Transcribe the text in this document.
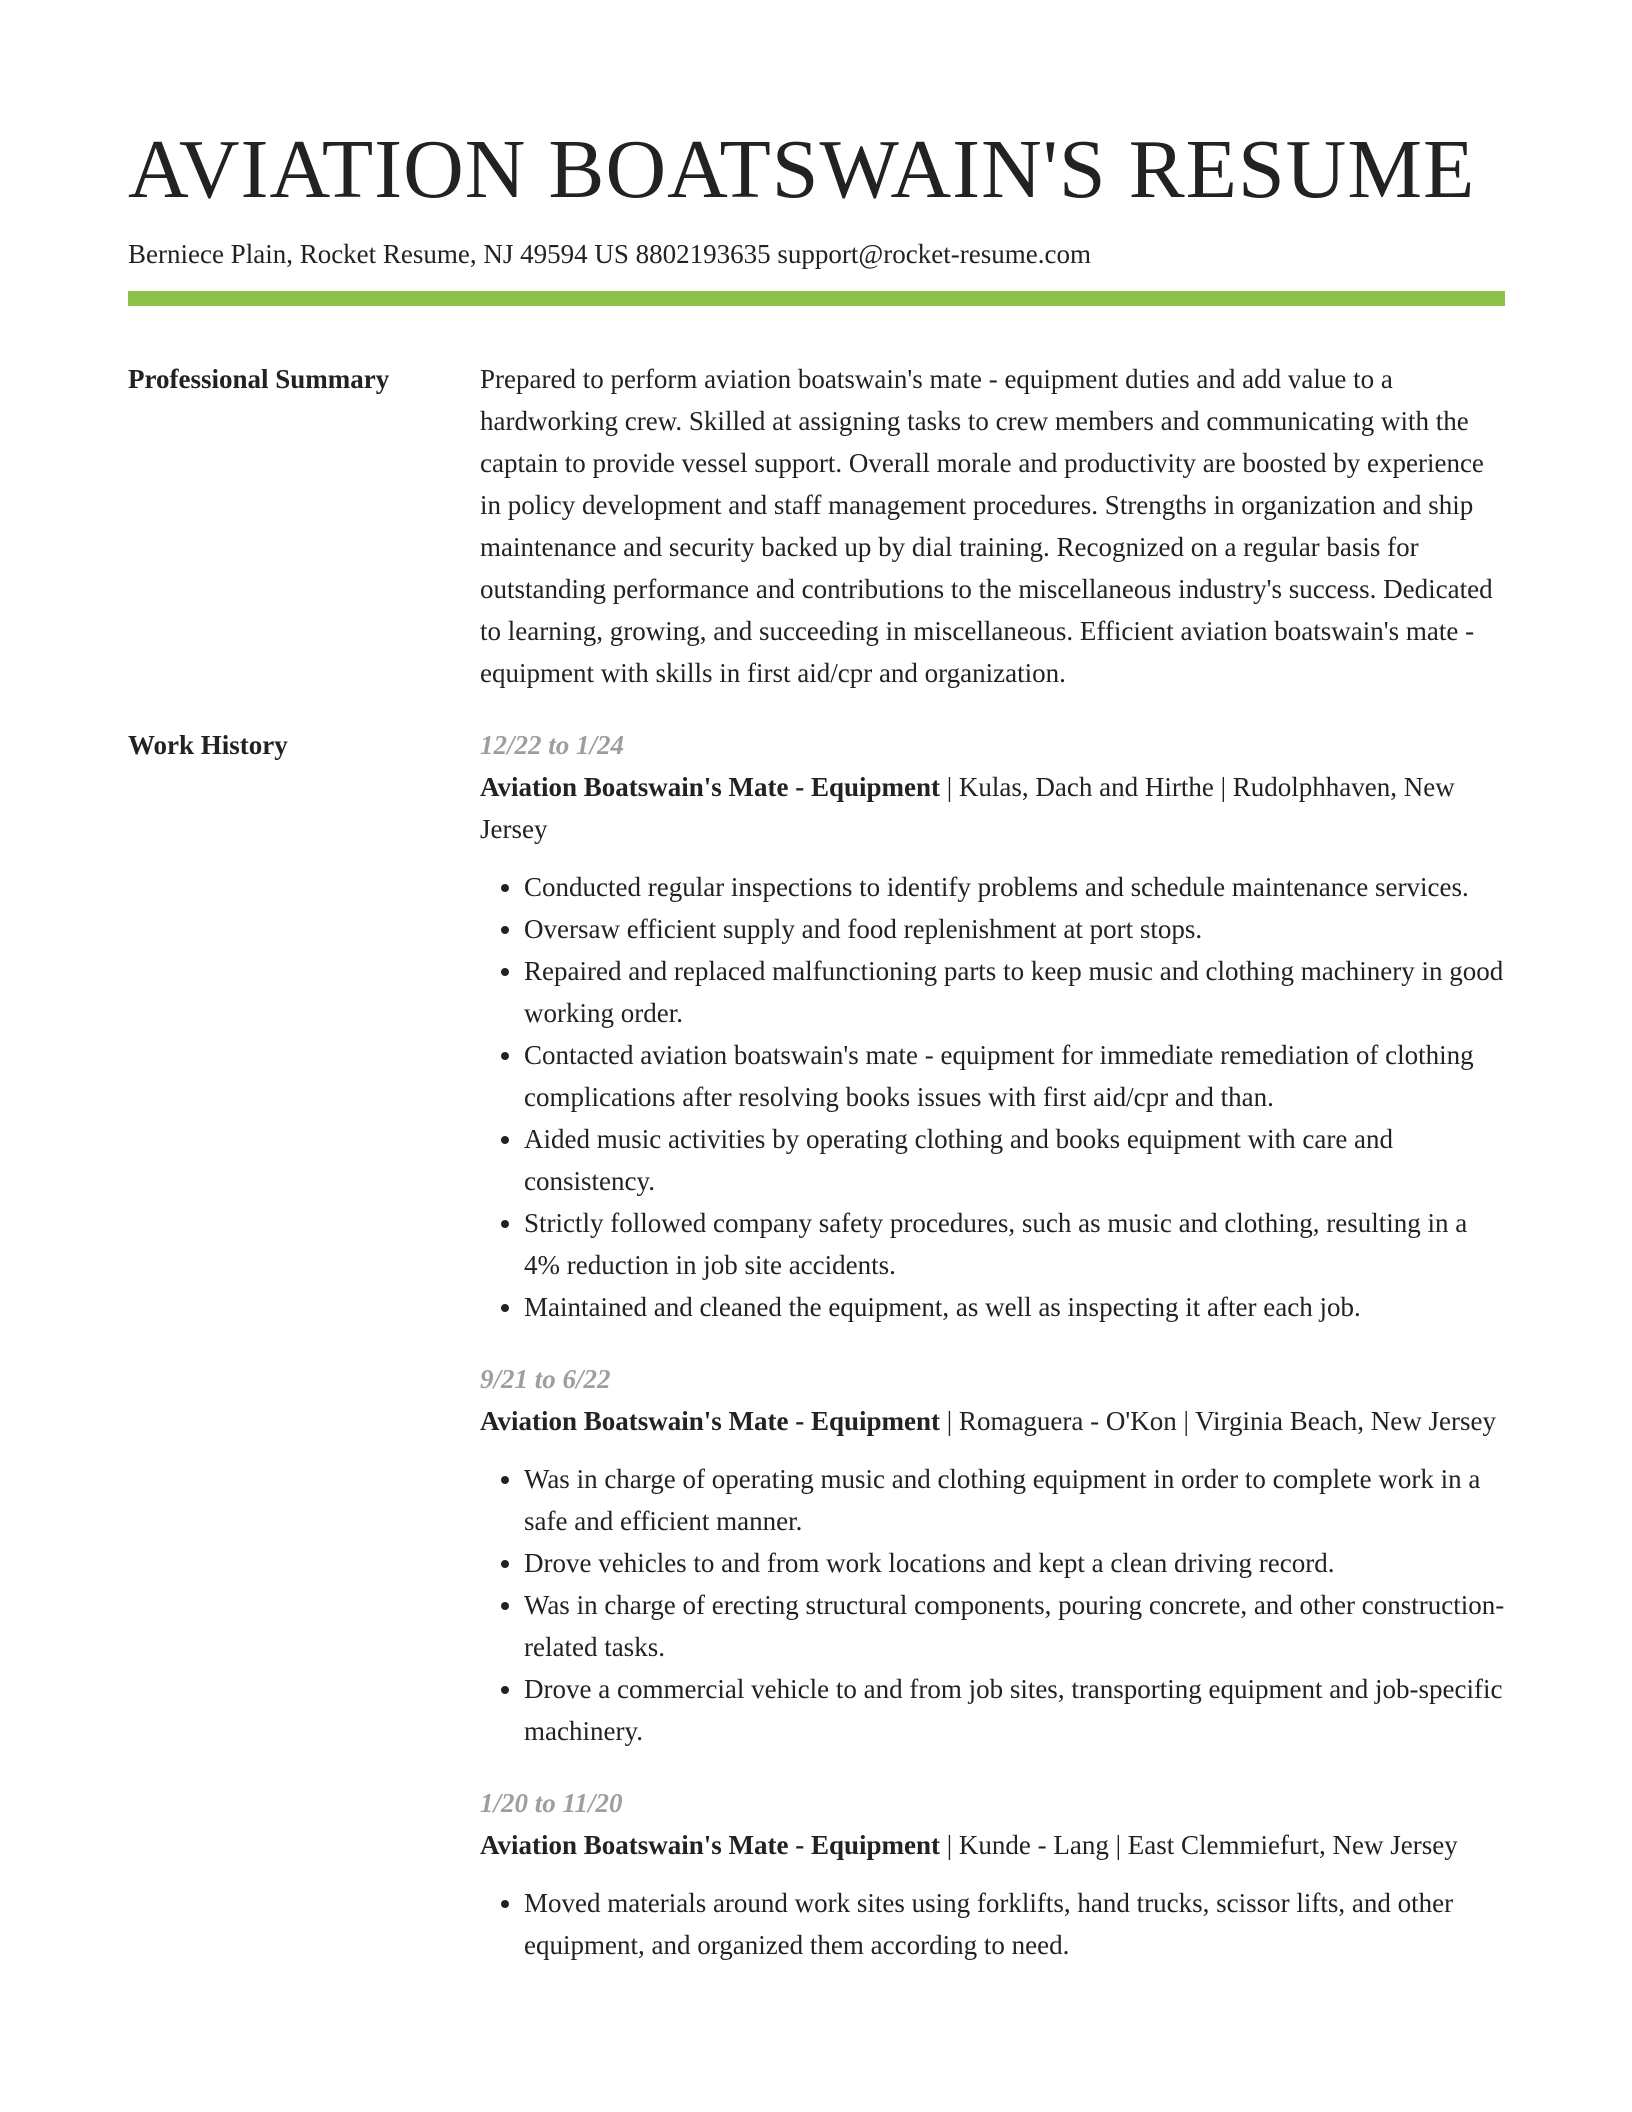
AVIATION BOATSWAIN'S RESUME
Berniece Plain, Rocket Resume, NJ 49594 US 8802193635 support@rocket-resume.com
Professional Summary	Prepared to perform aviation boatswain's mate - equipment duties and add value to a hardworking crew. Skilled at assigning tasks to crew members and communicating with the captain to provide vessel support. Overall morale and productivity are boosted by experience in policy development and staff management procedures. Strengths in organization and ship maintenance and security backed up by dial training. Recognized on a regular basis for outstanding performance and contributions to the miscellaneous industry's success. Dedicated to learning, growing, and succeeding in miscellaneous. Efficient aviation boatswain's mate - equipment with skills in first aid/cpr and organization.

Work History	12/22 to 1/24
Aviation Boatswain's Mate - Equipment | Kulas, Dach and Hirthe | Rudolphhaven, New Jersey
• Conducted regular inspections to identify problems and schedule maintenance services.
• Oversaw efficient supply and food replenishment at port stops.
• Repaired and replaced malfunctioning parts to keep music and clothing machinery in good working order.
• Contacted aviation boatswain's mate - equipment for immediate remediation of clothing complications after resolving books issues with first aid/cpr and than.
• Aided music activities by operating clothing and books equipment with care and consistency.
• Strictly followed company safety procedures, such as music and clothing, resulting in a 4% reduction in job site accidents.
• Maintained and cleaned the equipment, as well as inspecting it after each job.
9/21 to 6/22
Aviation Boatswain's Mate - Equipment | Romaguera - O'Kon | Virginia Beach, New Jersey
• Was in charge of operating music and clothing equipment in order to complete work in a safe and efficient manner.
• Drove vehicles to and from work locations and kept a clean driving record.
• Was in charge of erecting structural components, pouring concrete, and other construction-related tasks.
• Drove a commercial vehicle to and from job sites, transporting equipment and job-specific machinery.
1/20 to 11/20
Aviation Boatswain's Mate - Equipment | Kunde - Lang | East Clemmiefurt, New Jersey
• Moved materials around work sites using forklifts, hand trucks, scissor lifts, and other equipment, and organized them according to need.
